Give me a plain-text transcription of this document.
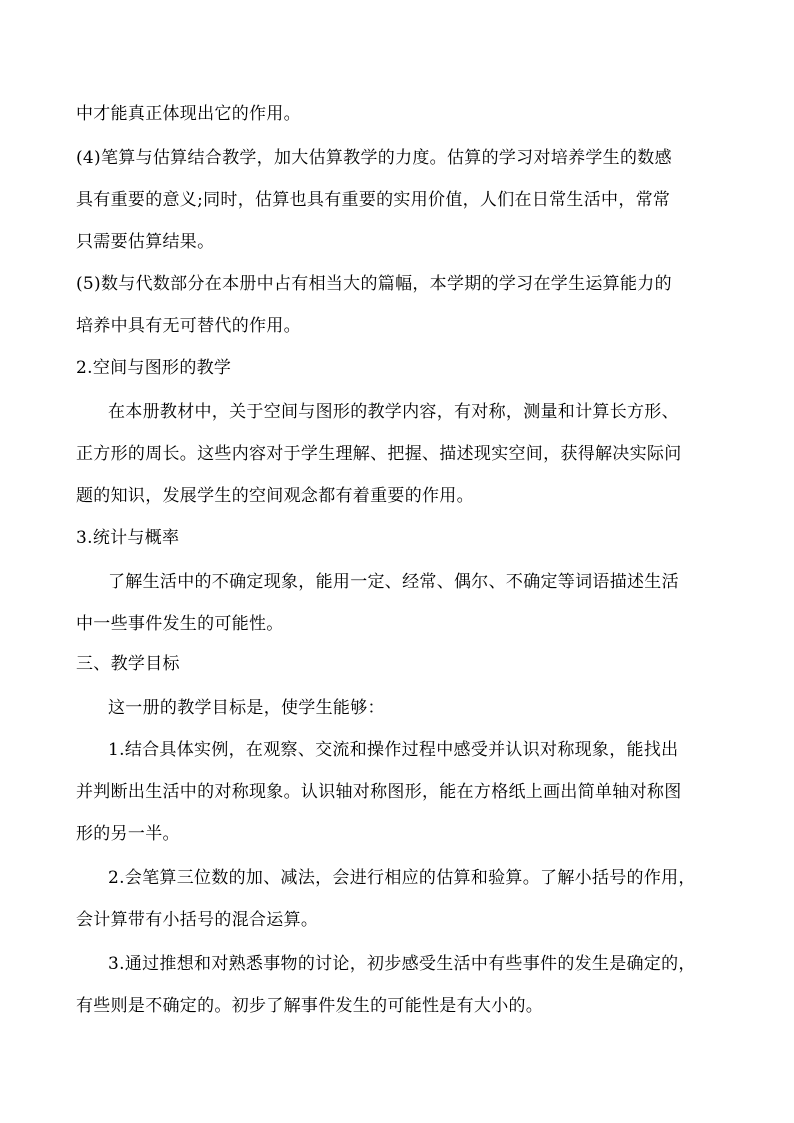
中才能真正体现出它的作用。
(4)笔算与估算结合教学，加大估算教学的力度。估算的学习对培养学生的数感
具有重要的意义;同时，估算也具有重要的实用价值，人们在日常生活中，常常
只需要估算结果。
(5)数与代数部分在本册中占有相当大的篇幅，本学期的学习在学生运算能力的
培养中具有无可替代的作用。
2.空间与图形的教学
在本册教材中，关于空间与图形的教学内容，有对称，测量和计算长方形、
正方形的周长。这些内容对于学生理解、把握、描述现实空间，获得解决实际问
题的知识，发展学生的空间观念都有着重要的作用。
3.统计与概率
了解生活中的不确定现象，能用一定、经常、偶尔、不确定等词语描述生活
中一些事件发生的可能性。
三、教学目标
这一册的教学目标是，使学生能够：
1.结合具体实例，在观察、交流和操作过程中感受并认识对称现象，能找出
并判断出生活中的对称现象。认识轴对称图形，能在方格纸上画出简单轴对称图
形的另一半。
2.会笔算三位数的加、减法，会进行相应的估算和验算。了解小括号的作用，
会计算带有小括号的混合运算。
3.通过推想和对熟悉事物的讨论，初步感受生活中有些事件的发生是确定的，
有些则是不确定的。初步了解事件发生的可能性是有大小的。
